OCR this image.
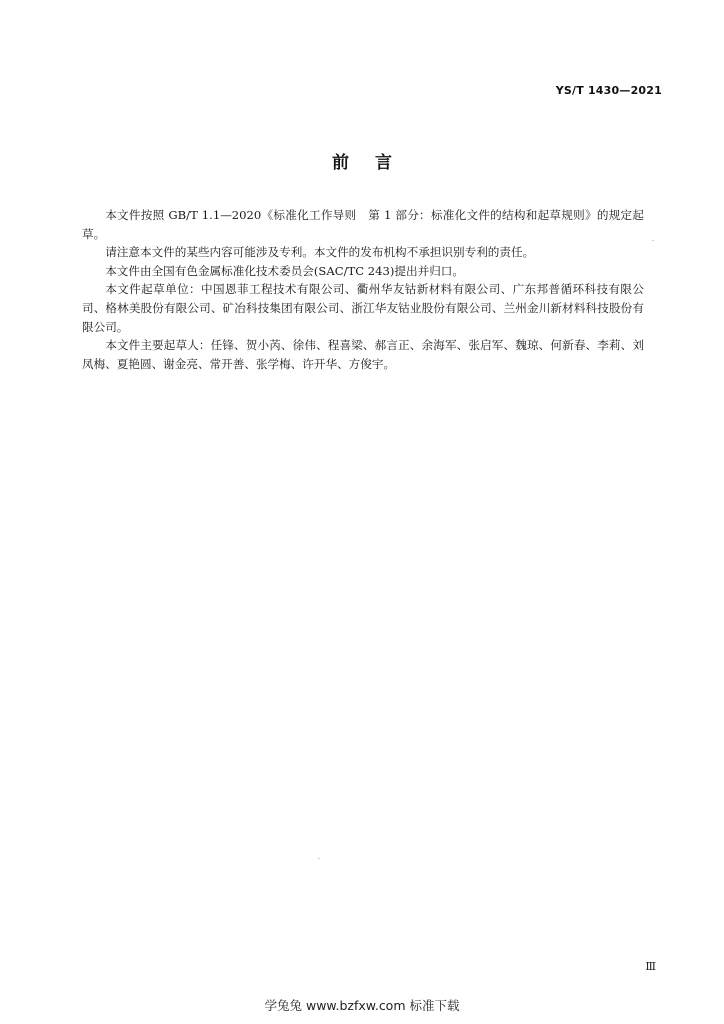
YS/T 1430—2021
前言

本文件按照 GB/T 1.1—2020《标准化工作导则　第 1 部分：标准化文件的结构和起草规则》的规定起草。

请注意本文件的某些内容可能涉及专利。本文件的发布机构不承担识别专利的责任。

本文件由全国有色金属标准化技术委员会(SAC/TC 243)提出并归口。

本文件起草单位：中国恩菲工程技术有限公司、衢州华友钴新材料有限公司、广东邦普循环科技有限公司、格林美股份有限公司、矿冶科技集团有限公司、浙江华友钴业股份有限公司、兰州金川新材料科技股份有限公司。

本文件主要起草人：任锋、贺小芮、徐伟、程喜梁、郝言正、余海军、张启军、魏琼、何新春、李莉、刘凤梅、夏艳圆、谢金亮、常开善、张学梅、许开华、方俊宇。

Ⅲ
学兔兔 www.bzfxw.com 标准下载
